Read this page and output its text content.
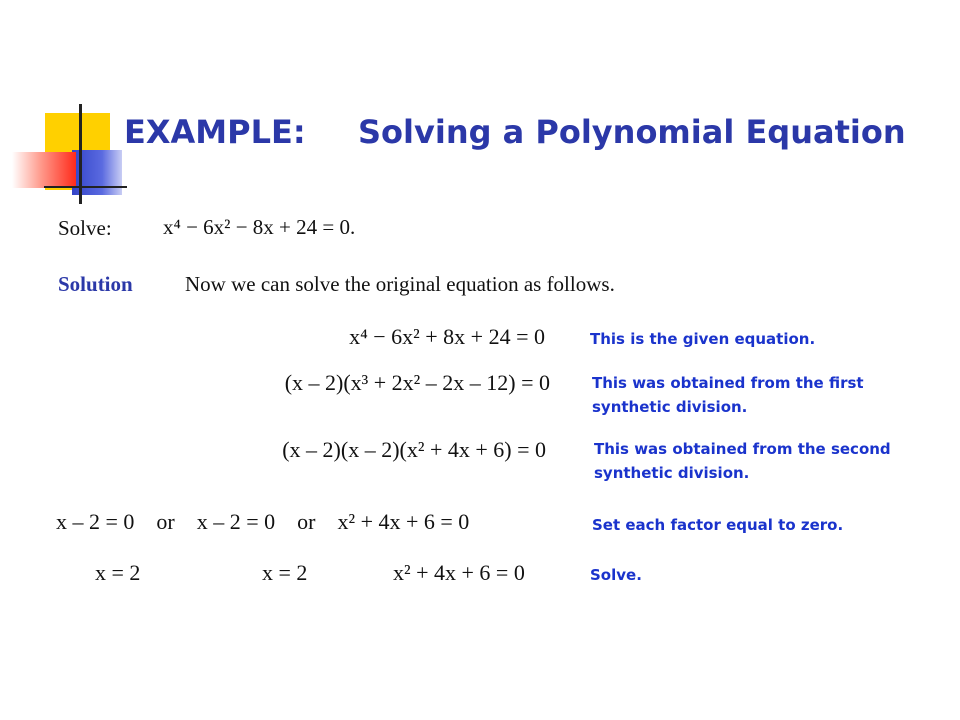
EXAMPLE: Solving a Polynomial Equation
Solve: x⁴ − 6x² − 8x + 24 = 0.
Solution Now we can solve the original equation as follows.
x⁴ − 6x² + 8x + 24 = 0	This is the given equation.
(x – 2)(x³ + 2x² – 2x – 12) = 0	This was obtained from the first
synthetic division.
(x – 2)(x – 2)(x² + 4x + 6) = 0	This was obtained from the second
synthetic division.
x – 2 = 0    or    x – 2 = 0    or    x² + 4x + 6 = 0	Set each factor equal to zero.
x = 2	x = 2	x² + 4x + 6 = 0	Solve.
